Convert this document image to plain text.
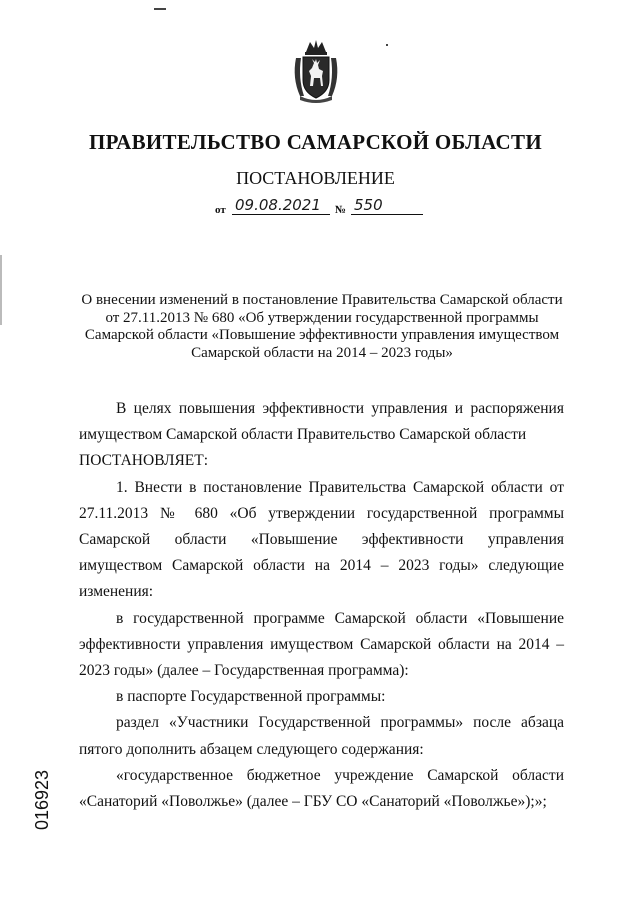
ПРАВИТЕЛЬСТВО САМАРСКОЙ ОБЛАСТИ
ПОСТАНОВЛЕНИЕ
от 09.08.2021	№ 550
О внесении изменений в постановление Правительства Самарской области
от 27.11.2013 № 680 «Об утверждении государственной программы
Самарской области «Повышение эффективности управления имуществом
Самарской области на 2014 – 2023 годы»

В целях повышения эффективности управления и распоряжения имуществом Самарской области Правительство Самарской области

ПОСТАНОВЛЯЕТ:

1. Внести в постановление Правительства Самарской области от 27.11.2013 № 680 «Об утверждении государственной программы Самарской области «Повышение эффективности управления имуществом Самарской области на 2014 – 2023 годы» следующие изменения:

в государственной программе Самарской области «Повышение эффективности управления имуществом Самарской области на 2014 – 2023 годы» (далее – Государственная программа):

в паспорте Государственной программы:

раздел «Участники Государственной программы» после абзаца пятого дополнить абзацем следующего содержания:

«государственное бюджетное учреждение Самарской области «Санаторий «Поволжье» (далее – ГБУ СО «Санаторий «Поволжье»);»;

016923
